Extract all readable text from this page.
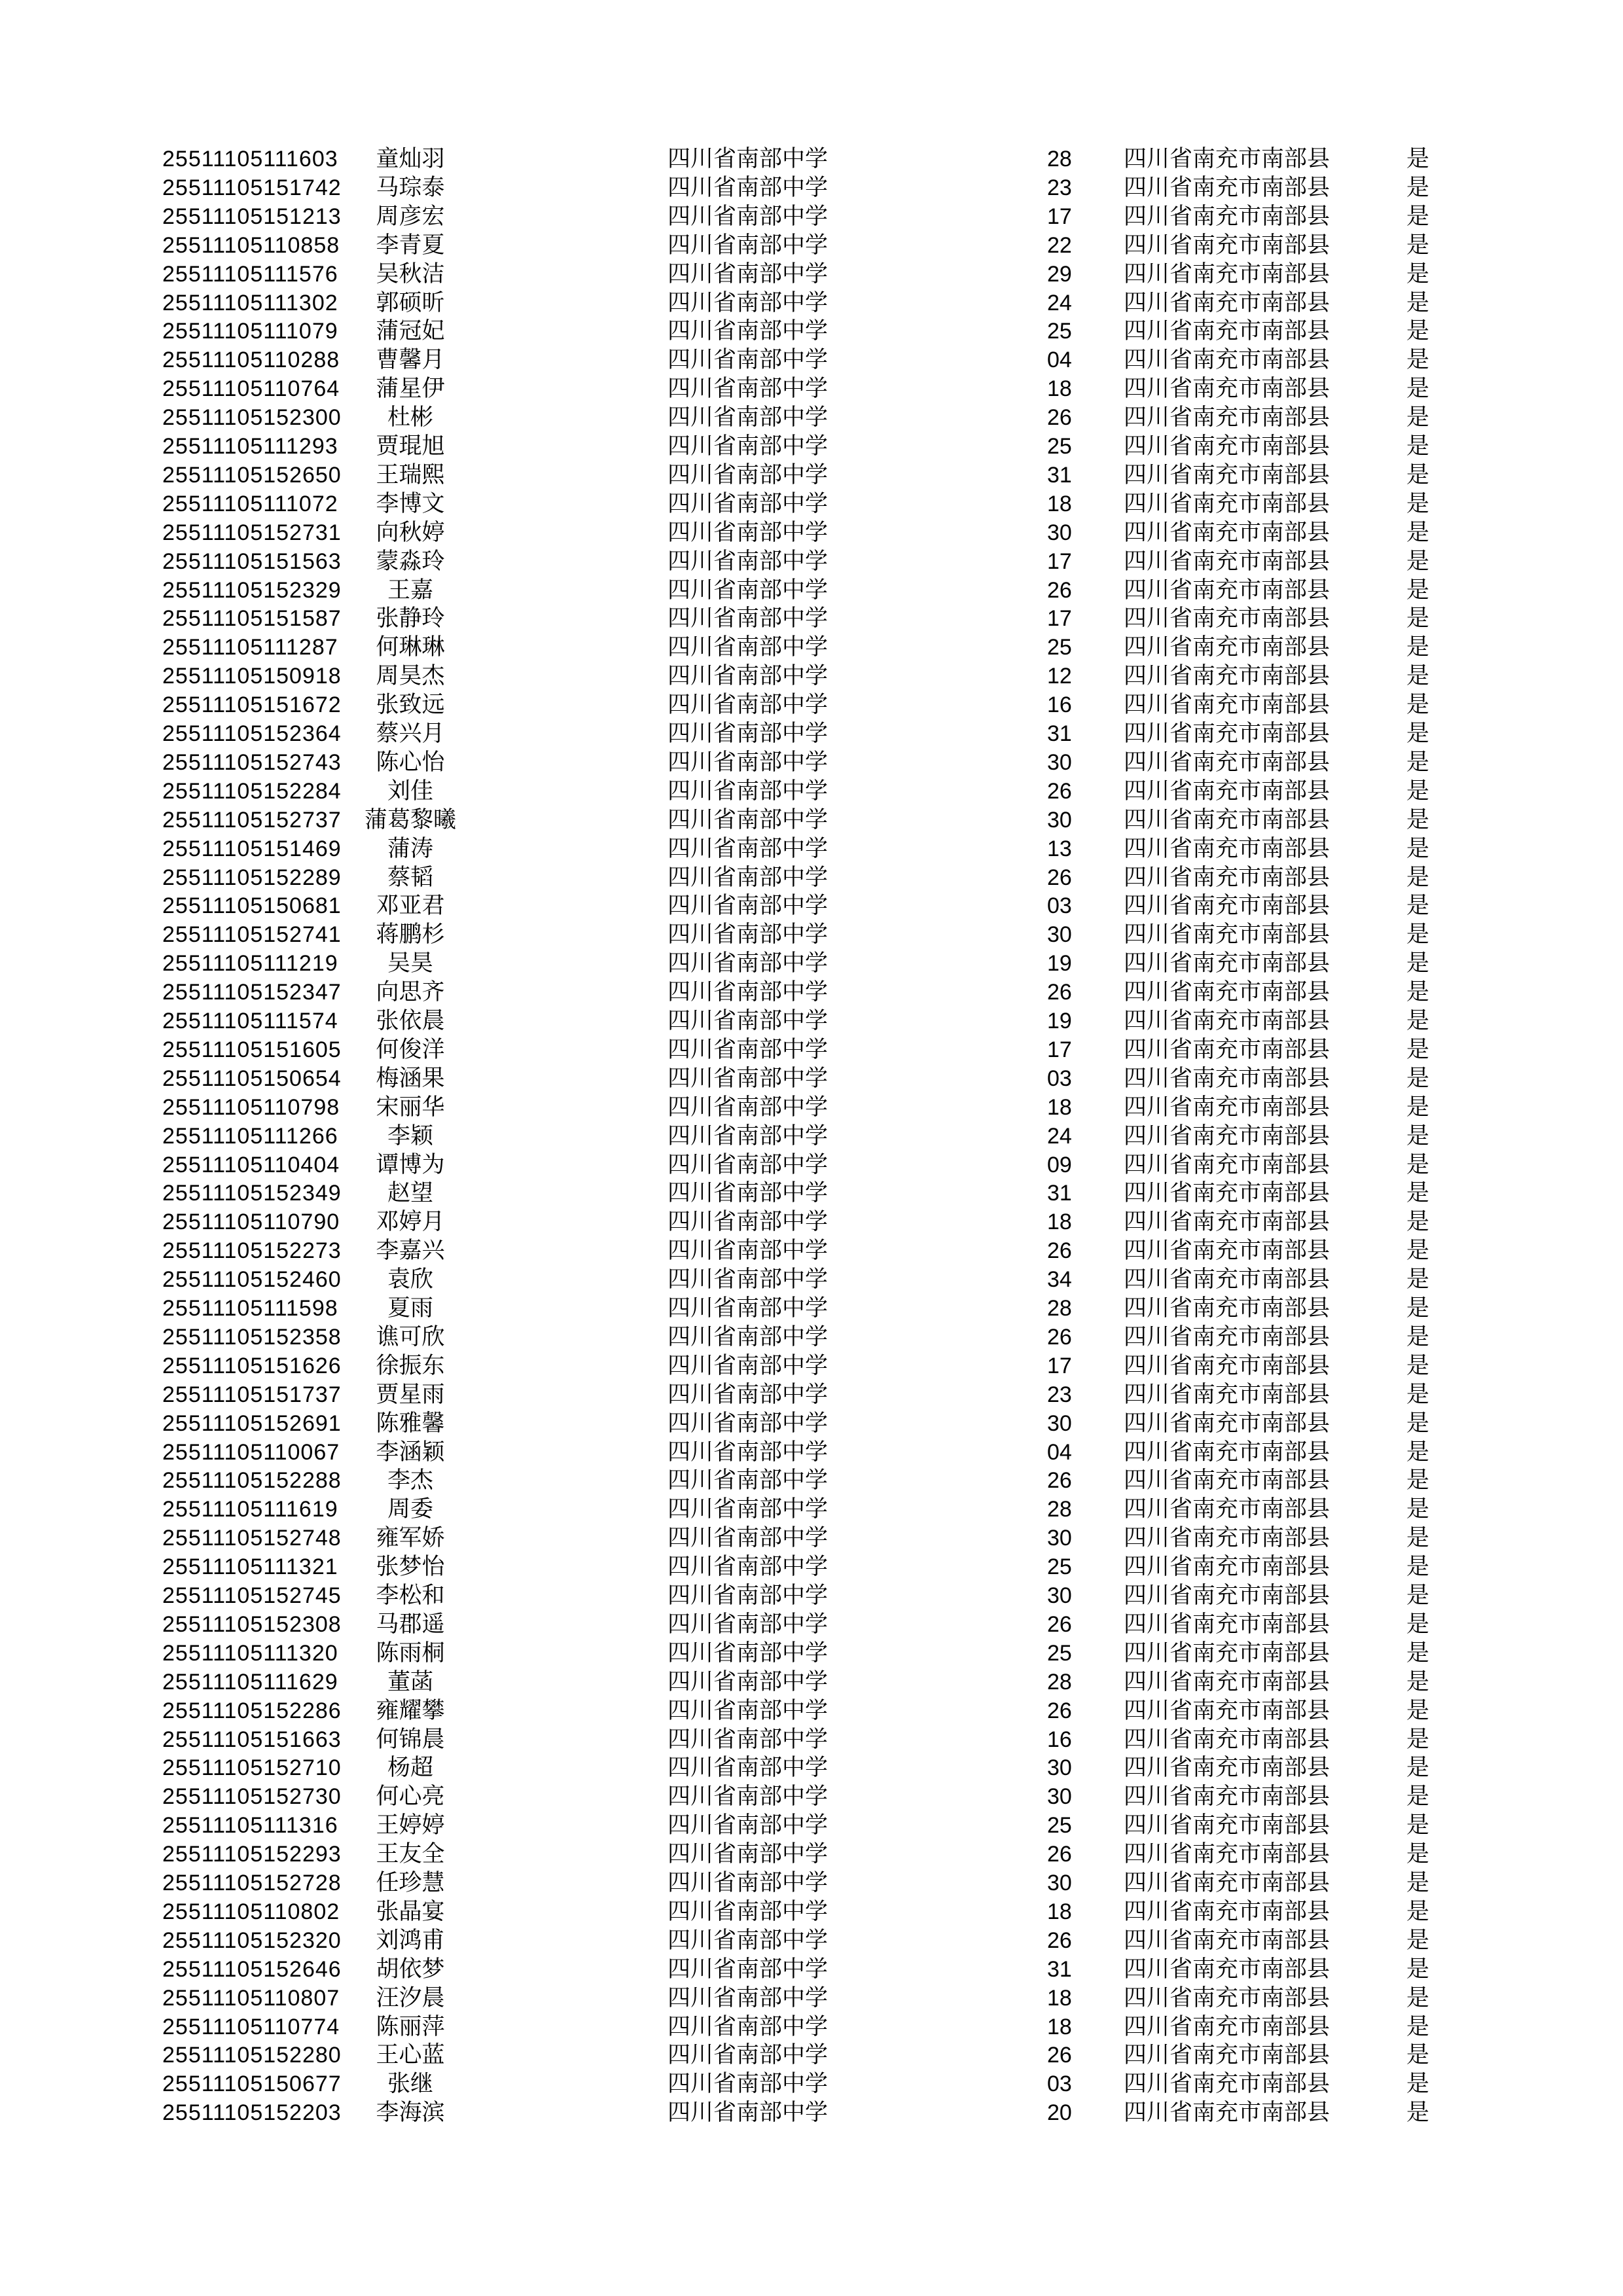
25511105111603	童灿羽	四川省南部中学	28 四川省南充市南部县	是
25511105151742	马琮泰	四川省南部中学	23 四川省南充市南部县	是
25511105151213	周彦宏	四川省南部中学	17 四川省南充市南部县	是
25511105110858	李青夏	四川省南部中学	22 四川省南充市南部县	是
25511105111576	吴秋洁	四川省南部中学	29 四川省南充市南部县	是
25511105111302	郭硕昕	四川省南部中学	24 四川省南充市南部县	是
25511105111079	蒲冠妃	四川省南部中学	25 四川省南充市南部县	是
25511105110288	曹馨月	四川省南部中学	04 四川省南充市南部县	是
25511105110764	蒲星伊	四川省南部中学	18 四川省南充市南部县	是
25511105152300	杜彬	四川省南部中学	26 四川省南充市南部县	是
25511105111293	贾琨旭	四川省南部中学	25 四川省南充市南部县	是
25511105152650	王瑞熙	四川省南部中学	31 四川省南充市南部县	是
25511105111072	李博文	四川省南部中学	18 四川省南充市南部县	是
25511105152731	向秋婷	四川省南部中学	30 四川省南充市南部县	是
25511105151563	蒙淼玲	四川省南部中学	17 四川省南充市南部县	是
25511105152329	王嘉	四川省南部中学	26 四川省南充市南部县	是
25511105151587	张静玲	四川省南部中学	17 四川省南充市南部县	是
25511105111287	何琳琳	四川省南部中学	25 四川省南充市南部县	是
25511105150918	周昊杰	四川省南部中学	12 四川省南充市南部县	是
25511105151672	张致远	四川省南部中学	16 四川省南充市南部县	是
25511105152364	蔡兴月	四川省南部中学	31 四川省南充市南部县	是
25511105152743	陈心怡	四川省南部中学	30 四川省南充市南部县	是
25511105152284	刘佳	四川省南部中学	26 四川省南充市南部县	是
25511105152737	蒲葛黎曦	四川省南部中学	30 四川省南充市南部县	是
25511105151469	蒲涛	四川省南部中学	13 四川省南充市南部县	是
25511105152289	蔡韬	四川省南部中学	26 四川省南充市南部县	是
25511105150681	邓亚君	四川省南部中学	03 四川省南充市南部县	是
25511105152741	蒋鹏杉	四川省南部中学	30 四川省南充市南部县	是
25511105111219	吴昊	四川省南部中学	19 四川省南充市南部县	是
25511105152347	向思齐	四川省南部中学	26 四川省南充市南部县	是
25511105111574	张依晨	四川省南部中学	19 四川省南充市南部县	是
25511105151605	何俊洋	四川省南部中学	17 四川省南充市南部县	是
25511105150654	梅涵果	四川省南部中学	03 四川省南充市南部县	是
25511105110798	宋丽华	四川省南部中学	18 四川省南充市南部县	是
25511105111266	李颖	四川省南部中学	24 四川省南充市南部县	是
25511105110404	谭博为	四川省南部中学	09 四川省南充市南部县	是
25511105152349	赵望	四川省南部中学	31 四川省南充市南部县	是
25511105110790	邓婷月	四川省南部中学	18 四川省南充市南部县	是
25511105152273	李嘉兴	四川省南部中学	26 四川省南充市南部县	是
25511105152460	袁欣	四川省南部中学	34 四川省南充市南部县	是
25511105111598	夏雨	四川省南部中学	28 四川省南充市南部县	是
25511105152358	谯可欣	四川省南部中学	26 四川省南充市南部县	是
25511105151626	徐振东	四川省南部中学	17 四川省南充市南部县	是
25511105151737	贾星雨	四川省南部中学	23 四川省南充市南部县	是
25511105152691	陈雅馨	四川省南部中学	30 四川省南充市南部县	是
25511105110067	李涵颖	四川省南部中学	04 四川省南充市南部县	是
25511105152288	李杰	四川省南部中学	26 四川省南充市南部县	是
25511105111619	周委	四川省南部中学	28 四川省南充市南部县	是
25511105152748	雍军娇	四川省南部中学	30 四川省南充市南部县	是
25511105111321	张梦怡	四川省南部中学	25 四川省南充市南部县	是
25511105152745	李松和	四川省南部中学	30 四川省南充市南部县	是
25511105152308	马郡遥	四川省南部中学	26 四川省南充市南部县	是
25511105111320	陈雨桐	四川省南部中学	25 四川省南充市南部县	是
25511105111629	董菡	四川省南部中学	28 四川省南充市南部县	是
25511105152286	雍耀攀	四川省南部中学	26 四川省南充市南部县	是
25511105151663	何锦晨	四川省南部中学	16 四川省南充市南部县	是
25511105152710	杨超	四川省南部中学	30 四川省南充市南部县	是
25511105152730	何心亮	四川省南部中学	30 四川省南充市南部县	是
25511105111316	王婷婷	四川省南部中学	25 四川省南充市南部县	是
25511105152293	王友全	四川省南部中学	26 四川省南充市南部县	是
25511105152728	任珍慧	四川省南部中学	30 四川省南充市南部县	是
25511105110802	张晶宴	四川省南部中学	18 四川省南充市南部县	是
25511105152320	刘鸿甫	四川省南部中学	26 四川省南充市南部县	是
25511105152646	胡依梦	四川省南部中学	31 四川省南充市南部县	是
25511105110807	汪汐晨	四川省南部中学	18 四川省南充市南部县	是
25511105110774	陈丽萍	四川省南部中学	18 四川省南充市南部县	是
25511105152280	王心蓝	四川省南部中学	26 四川省南充市南部县	是
25511105150677	张继	四川省南部中学	03 四川省南充市南部县	是
25511105152203	李海滨	四川省南部中学	20 四川省南充市南部县	是
